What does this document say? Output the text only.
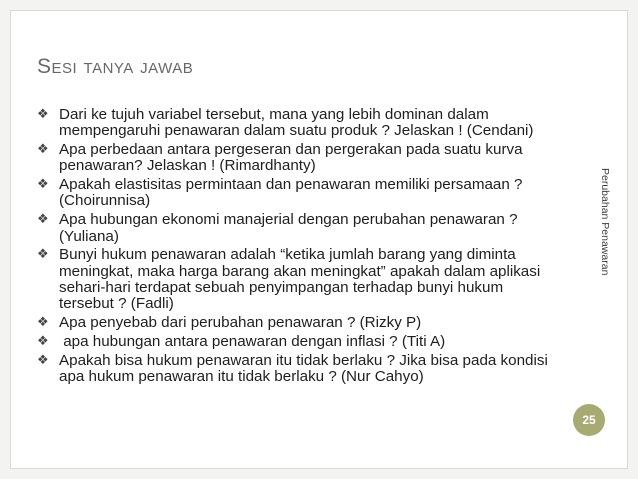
Sesi tanya jawab
❖ Dari ke tujuh variabel tersebut, mana yang lebih dominan dalam mempengaruhi penawaran dalam suatu produk ? Jelaskan ! (Cendani)
❖ Apa perbedaan antara pergeseran dan pergerakan pada suatu kurva penawaran? Jelaskan ! (Rimardhanty)
❖ Apakah elastisitas permintaan dan penawaran memiliki persamaan ? (Choirunnisa)
❖ Apa hubungan ekonomi manajerial dengan perubahan penawaran ? (Yuliana)
❖ Bunyi hukum penawaran adalah “ketika jumlah barang yang diminta meningkat, maka harga barang akan meningkat” apakah dalam aplikasi sehari-hari terdapat sebuah penyimpangan terhadap bunyi hukum tersebut ? (Fadli)
❖ Apa penyebab dari perubahan penawaran ? (Rizky P)
❖ apa hubungan antara penawaran dengan inflasi ? (Titi A)
❖ Apakah bisa hukum penawaran itu tidak berlaku ? Jika bisa pada kondisi apa hukum penawaran itu tidak berlaku ? (Nur Cahyo)
Perubahan Penawaran
25
